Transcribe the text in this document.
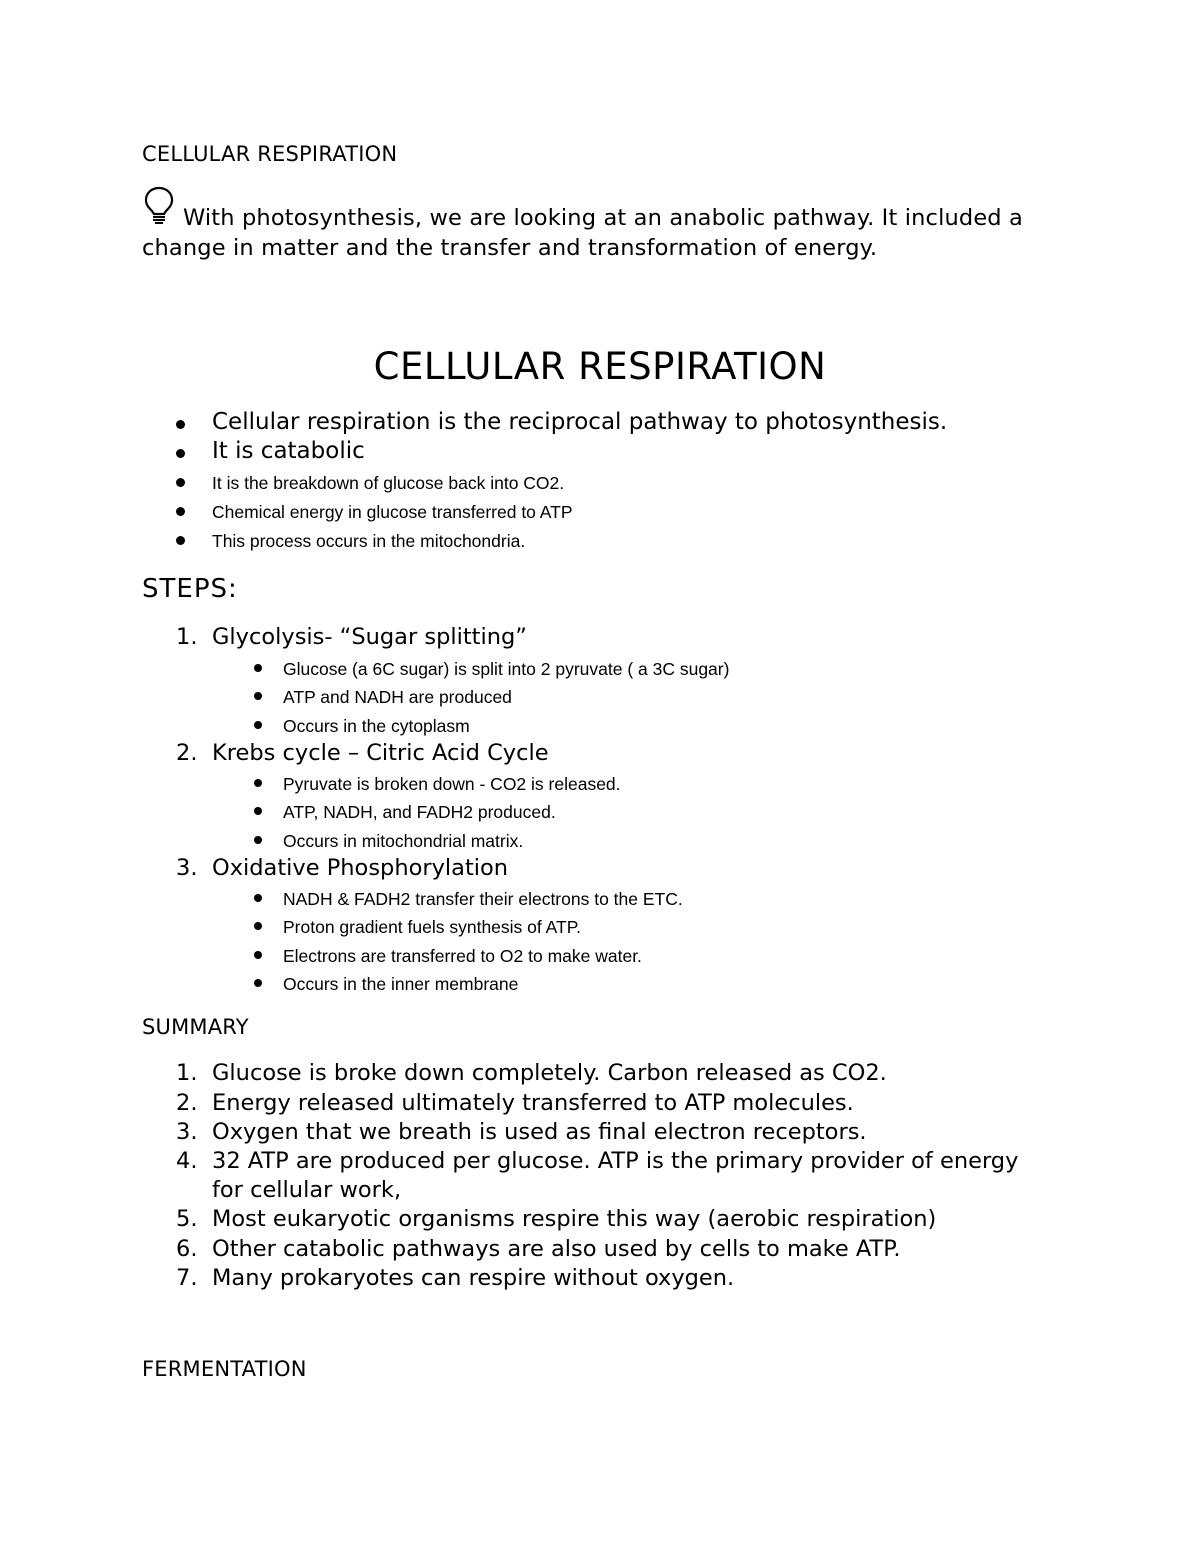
CELLULAR RESPIRATION
With photosynthesis, we are looking at an anabolic pathway. It included a
change in matter and the transfer and transformation of energy.
CELLULAR RESPIRATION
Cellular respiration is the reciprocal pathway to photosynthesis.
It is catabolic
It is the breakdown of glucose back into CO2.
Chemical energy in glucose transferred to ATP
This process occurs in the mitochondria.
STEPS:
1. Glycolysis- “Sugar splitting”
Glucose (a 6C sugar) is split into 2 pyruvate ( a 3C sugar)
ATP and NADH are produced
Occurs in the cytoplasm
2. Krebs cycle – Citric Acid Cycle
Pyruvate is broken down - CO2 is released.
ATP, NADH, and FADH2 produced.
Occurs in mitochondrial matrix.
3. Oxidative Phosphorylation
NADH & FADH2 transfer their electrons to the ETC.
Proton gradient fuels synthesis of ATP.
Electrons are transferred to O2 to make water.
Occurs in the inner membrane
SUMMARY
1. Glucose is broke down completely. Carbon released as CO2.
2. Energy released ultimately transferred to ATP molecules.
3. Oxygen that we breath is used as final electron receptors.
4. 32 ATP are produced per glucose. ATP is the primary provider of energy
for cellular work,
5. Most eukaryotic organisms respire this way (aerobic respiration)
6. Other catabolic pathways are also used by cells to make ATP.
7. Many prokaryotes can respire without oxygen.
FERMENTATION
